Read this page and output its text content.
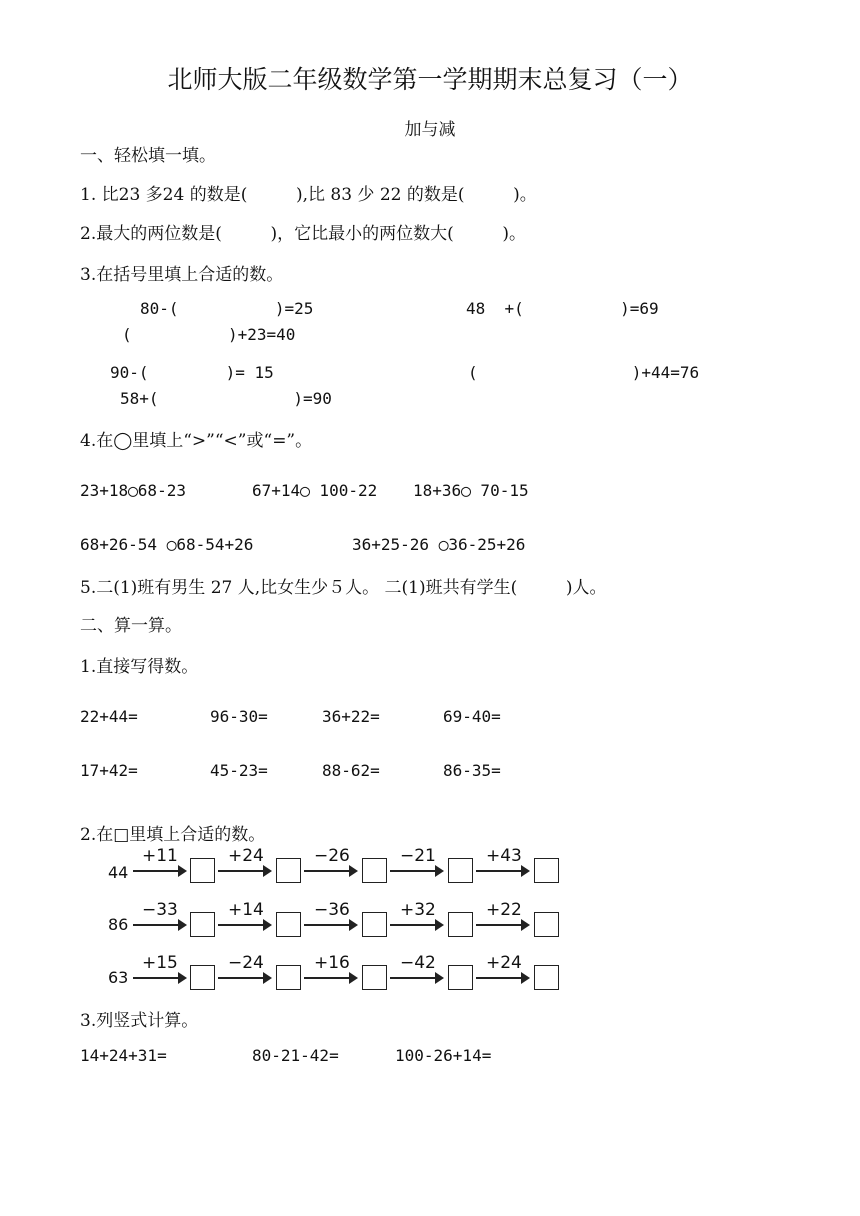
北师大版二年级数学第一学期期末总复习（一）
加与减
一、轻松填一填。
1. 比23 多24 的数是(         ),比 83 少 22 的数是(         )。
2.最大的两位数是(         )，它比最小的两位数大(         )。
3.在括号里填上合适的数。
80-(          )=25	48  +(          )=69
(          )+23=40
90-(        )= 15	(                )+44=76
58+(              )=90
4.在◯里填上“>”“<”或“=”。
23+18◯68-23	67+14◯ 100-22 18+36◯ 70-15
68+26-54 ◯68-54+26	36+25-26 ◯36-25+26
5.二(1)班有男生 27 人,比女生少５人。 二(1)班共有学生(         )人。
二、算一算。
1.直接写得数。
22+44=	96-30=	36+22=	69-40=
17+42=	45-23=	88-62=	86-35=
2.在□里填上合适的数。
44
+11	+24	−26	−21	+43
86
−33	+14	−36	+32	+22
63
+15	−24	+16	−42	+24
3.列竖式计算。
14+24+31=	80-21-42=	100-26+14=
